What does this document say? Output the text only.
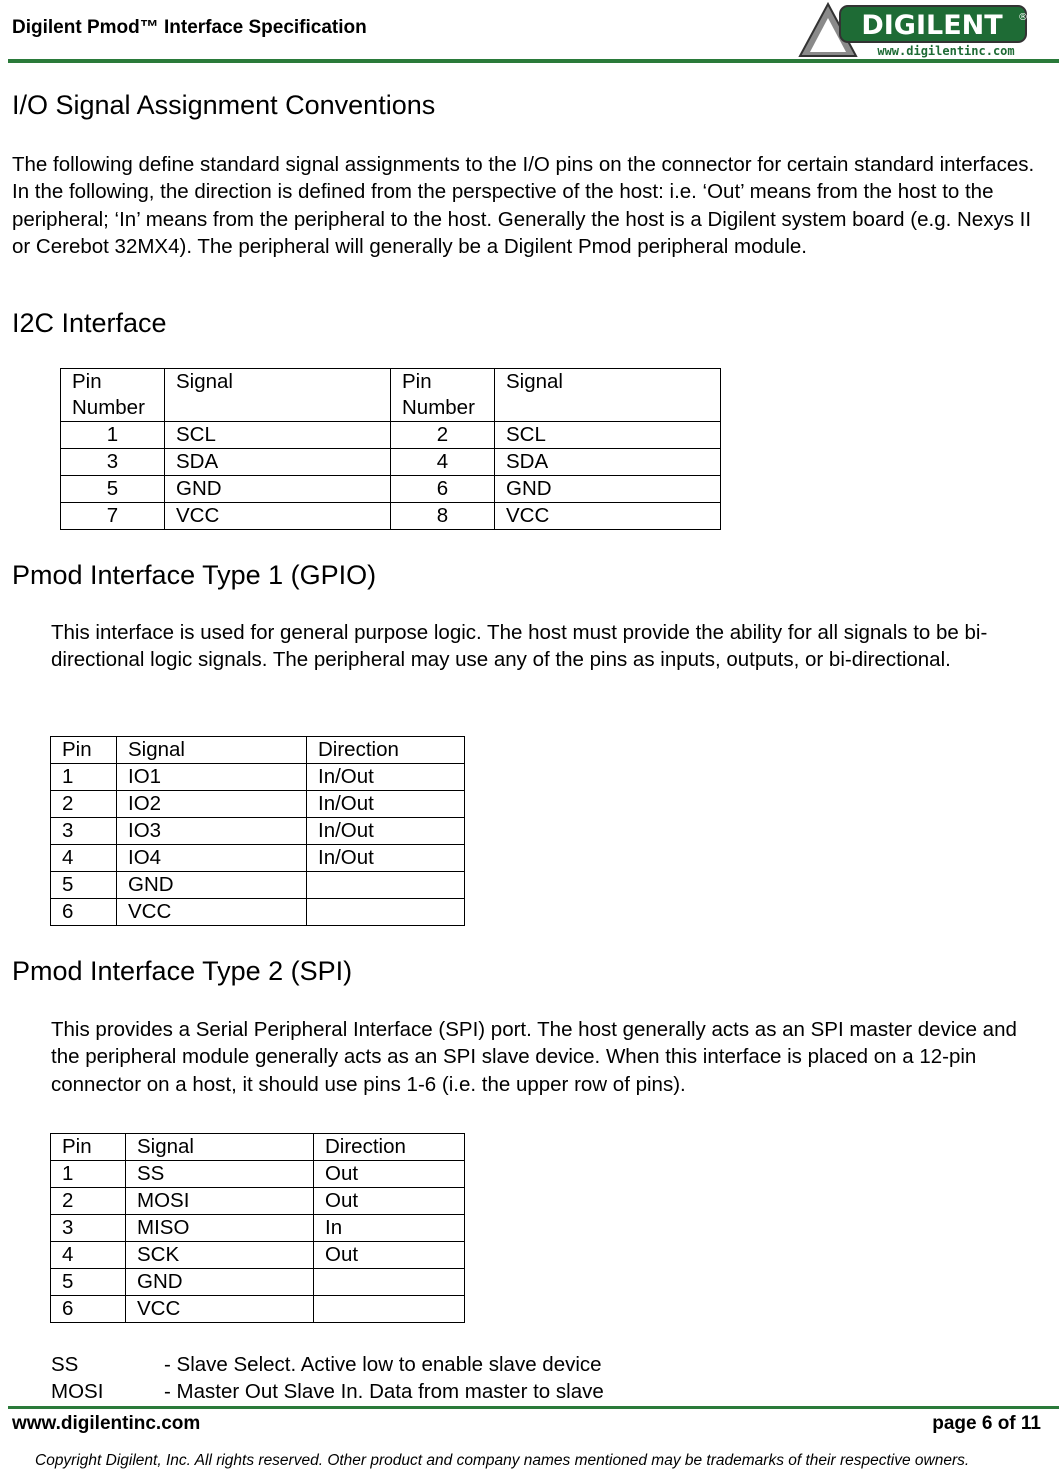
Digilent Pmod™ Interface Specification	DIGILENT ®
www.digilentinc.com
I/O Signal Assignment Conventions

The following define standard signal assignments to the I/O pins on the connector for certain standard interfaces. In the following, the direction is defined from the perspective of the host: i.e. ‘Out’ means from the host to the peripheral; ‘In’ means from the peripheral to the host. Generally the host is a Digilent system board (e.g. Nexys II or Cerebot 32MX4). The peripheral will generally be a Digilent Pmod peripheral module.

I2C Interface
Pin Number	Signal	Pin Number	Signal
1	SCL	2	SCL
3	SDA	4	SDA
5	GND	6	GND
7	VCC	8	VCC
Pmod Interface Type 1 (GPIO)

This interface is used for general purpose logic. The host must provide the ability for all signals to be bi-directional logic signals. The peripheral may use any of the pins as inputs, outputs, or bi-directional.

Pin	Signal	Direction
1	IO1	In/Out
2	IO2	In/Out
3	IO3	In/Out
4	IO4	In/Out
5	GND	
6	VCC	
Pmod Interface Type 2 (SPI)

This provides a Serial Peripheral Interface (SPI) port. The host generally acts as an SPI master device and the peripheral module generally acts as an SPI slave device. When this interface is placed on a 12-pin connector on a host, it should use pins 1-6 (i.e. the upper row of pins).

Pin	Signal	Direction
1	SS	Out
2	MOSI	Out
3	MISO	In
4	SCK	Out
5	GND	
6	VCC	
SS	- Slave Select. Active low to enable slave device
MOSI	- Master Out Slave In. Data from master to slave
www.digilentinc.com	page 6 of 11
Copyright Digilent, Inc. All rights reserved. Other product and company names mentioned may be trademarks of their respective owners.
